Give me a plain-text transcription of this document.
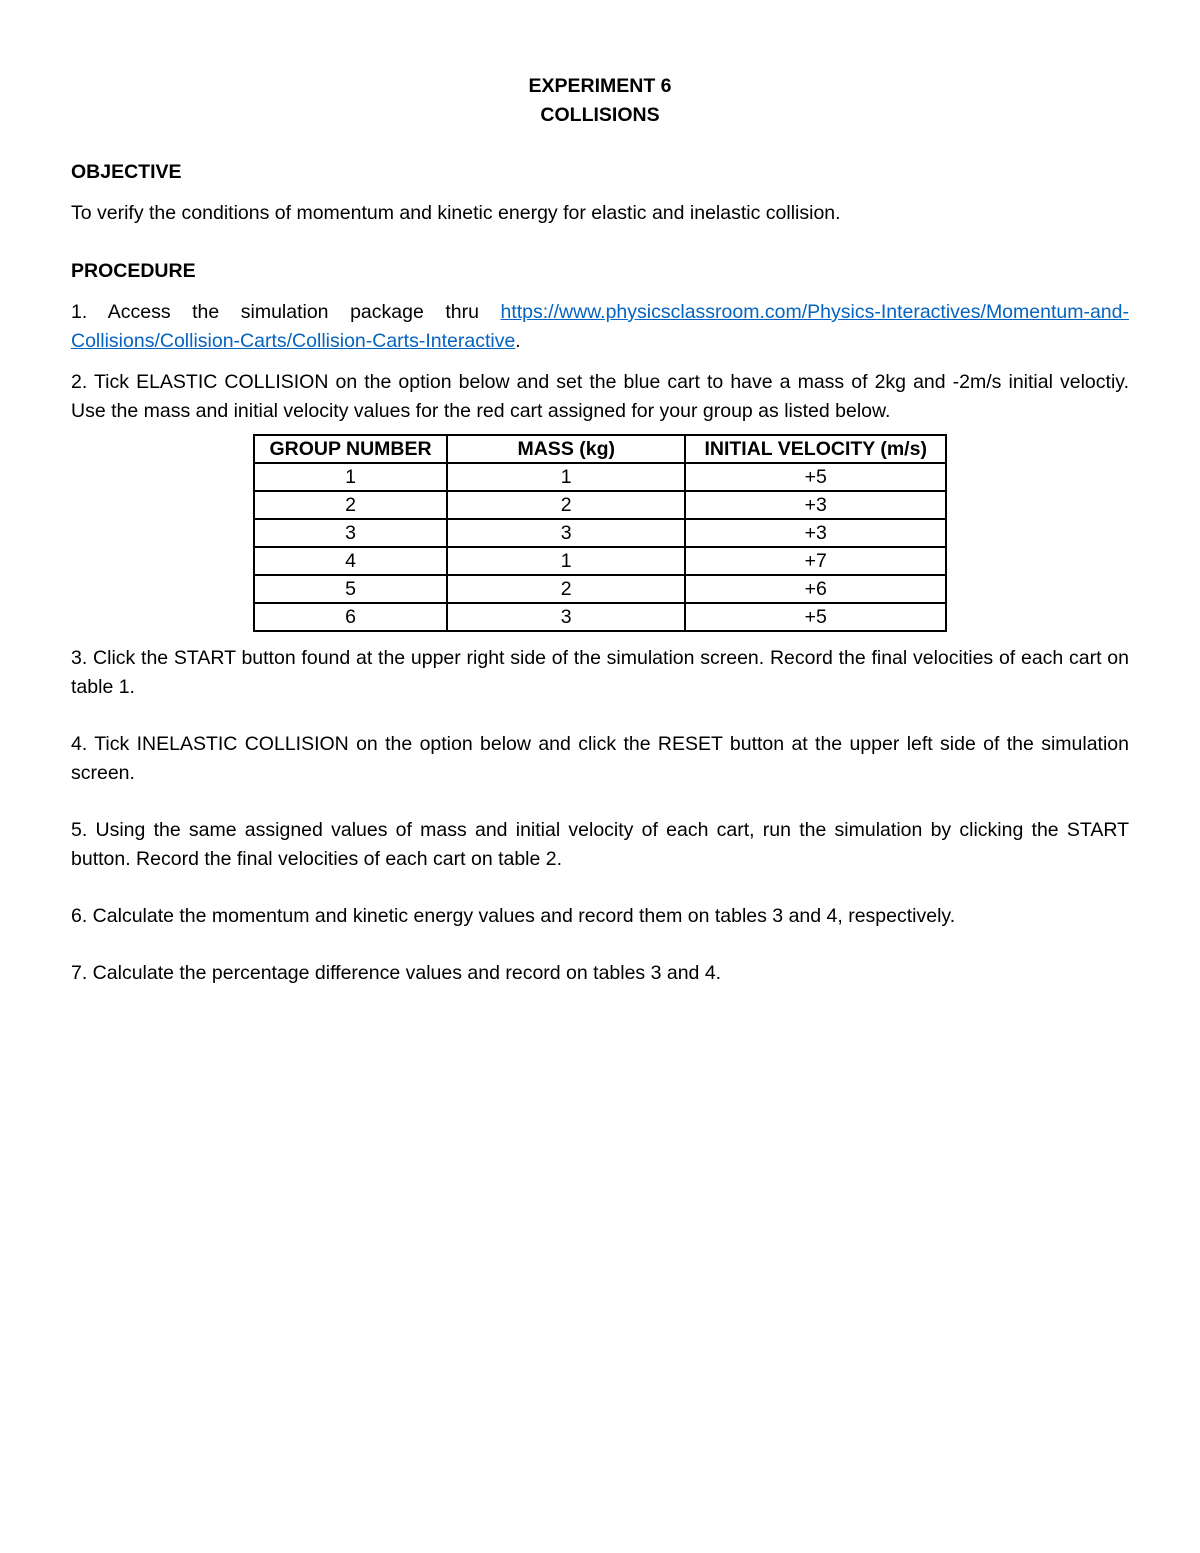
EXPERIMENT 6

COLLISIONS

OBJECTIVE

To verify the conditions of momentum and kinetic energy for elastic and inelastic collision.

PROCEDURE

1. Access the simulation package thru https://www.physicsclassroom.com/Physics-Interactives/Momentum-and-Collisions/Collision-Carts/Collision-Carts-Interactive.

2. Tick ELASTIC COLLISION on the option below and set the blue cart to have a mass of 2kg and -2m/s initial veloctiy. Use the mass and initial velocity values for the red cart assigned for your group as listed below.

GROUP NUMBER	MASS (kg)	INITIAL VELOCITY (m/s)
1	1	+5
2	2	+3
3	3	+3
4	1	+7
5	2	+6
6	3	+5

3. Click the START button found at the upper right side of the simulation screen. Record the final velocities of each cart on table 1.

4. Tick INELASTIC COLLISION on the option below and click the RESET button at the upper left side of the simulation screen.

5. Using the same assigned values of mass and initial velocity of each cart, run the simulation by clicking the START button. Record the final velocities of each cart on table 2.

6. Calculate the momentum and kinetic energy values and record them on tables 3 and 4, respectively.

7. Calculate the percentage difference values and record on tables 3 and 4.
